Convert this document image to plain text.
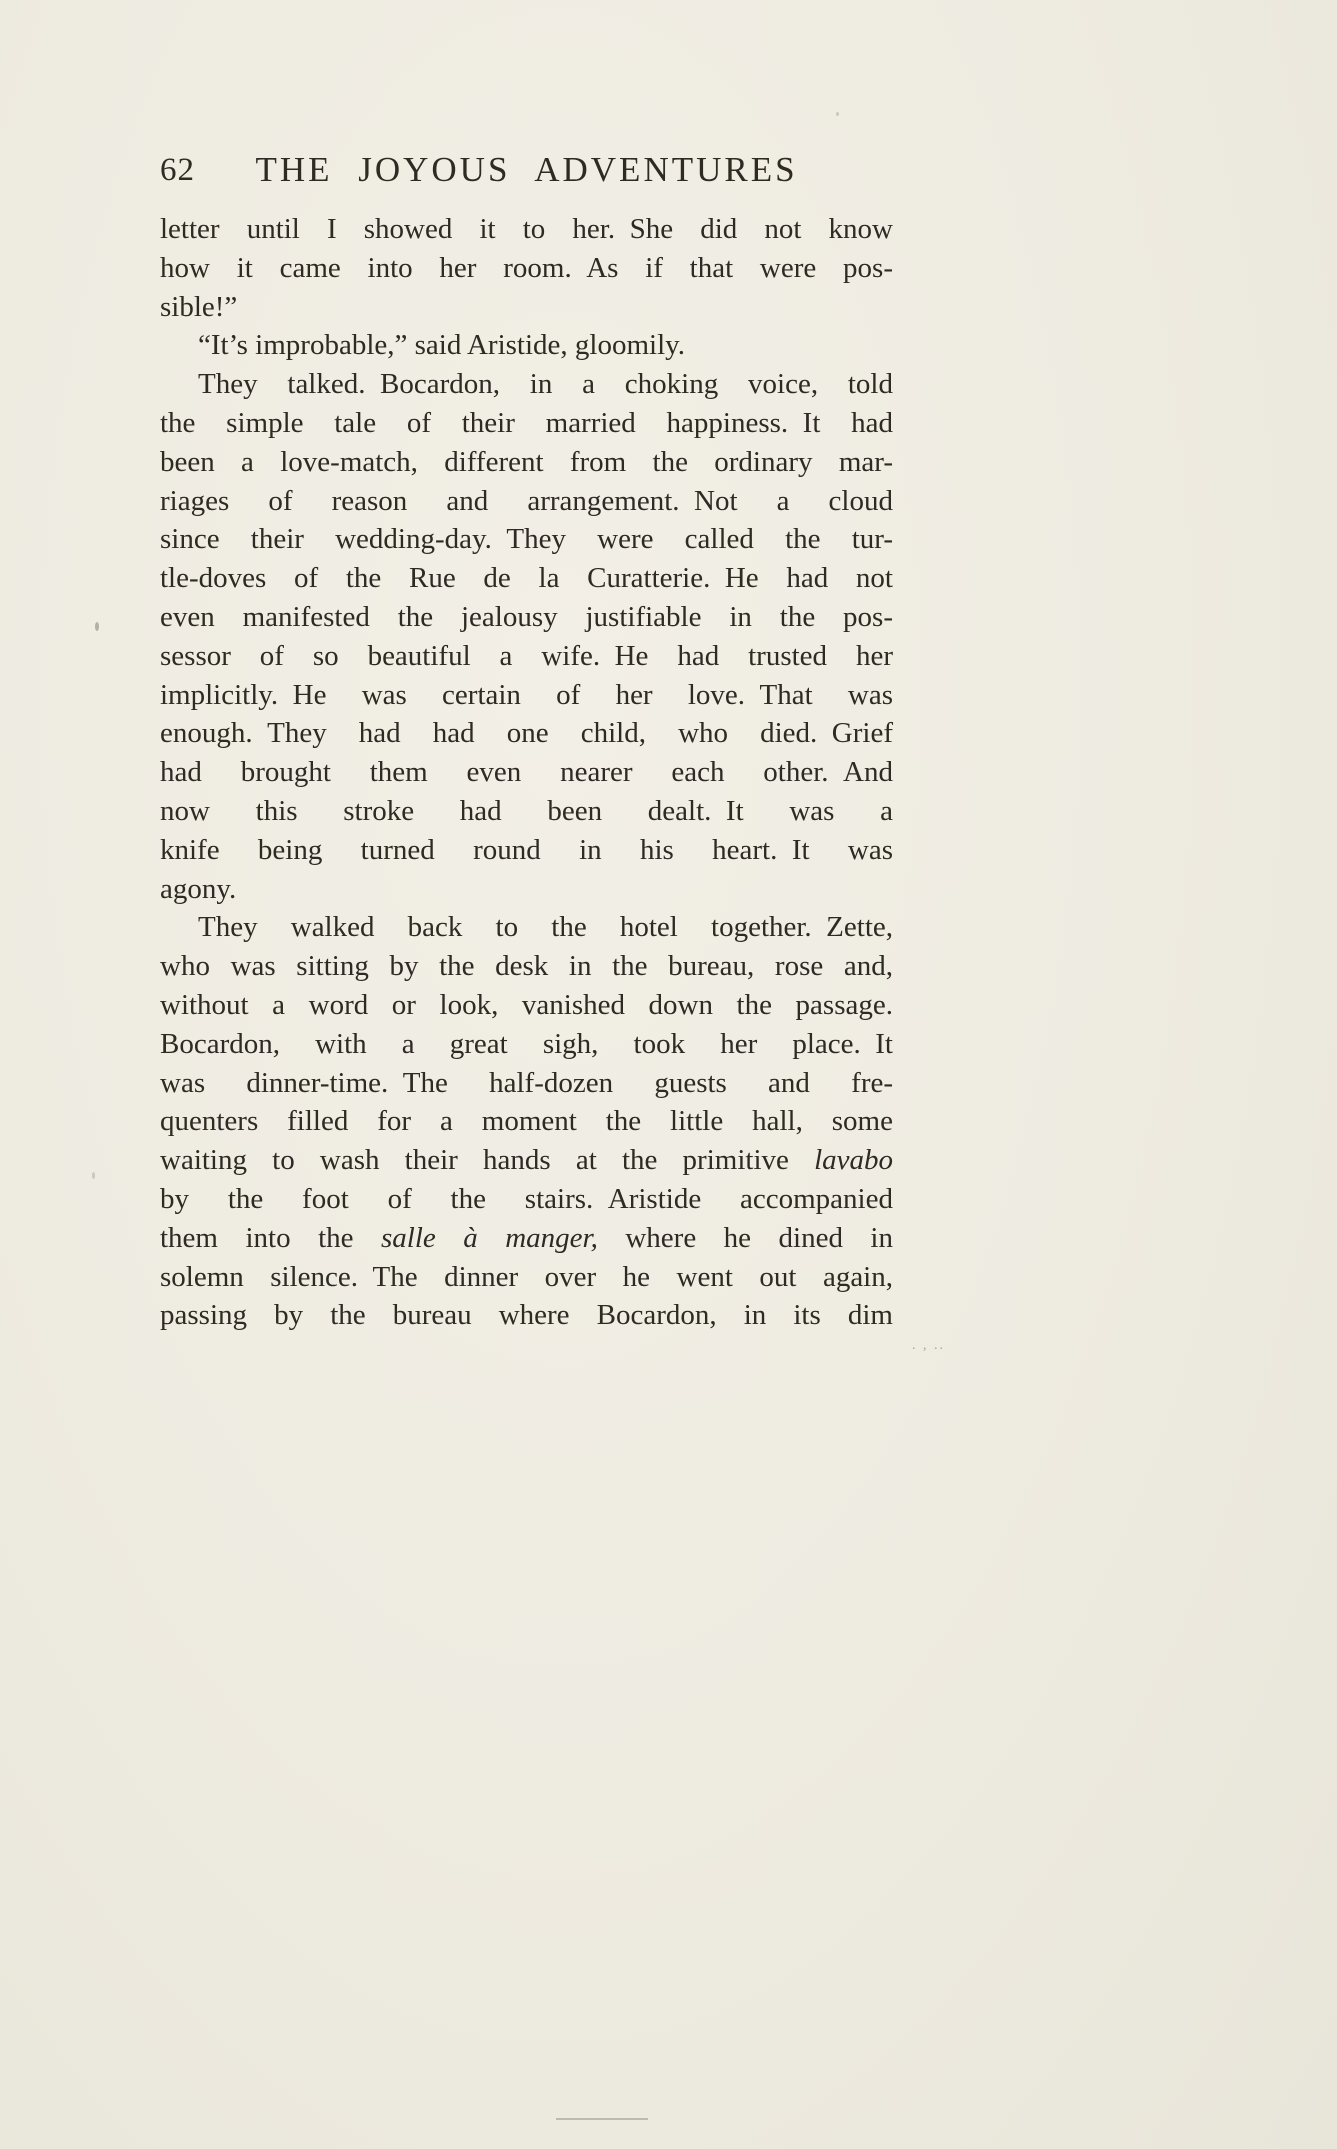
62	THE JOYOUS ADVENTURES
letter until I showed it to her. She did not know
how it came into her room. As if that were pos-
sible!”
“It’s improbable,” said Aristide, gloomily.
They talked. Bocardon, in a choking voice, told
the simple tale of their married happiness. It had
been a love-match, different from the ordinary mar-
riages of reason and arrangement. Not a cloud
since their wedding-day. They were called the tur-
tle-doves of the Rue de la Curatterie. He had not
even manifested the jealousy justifiable in the pos-
sessor of so beautiful a wife. He had trusted her
implicitly. He was certain of her love. That was
enough. They had had one child, who died. Grief
had brought them even nearer each other. And
now this stroke had been dealt. It was a
knife being turned round in his heart. It was
agony.
They walked back to the hotel together. Zette,
who was sitting by the desk in the bureau, rose and,
without a word or look, vanished down the passage.
Bocardon, with a great sigh, took her place. It
was dinner-time. The half-dozen guests and fre-
quenters filled for a moment the little hall, some
waiting to wash their hands at the primitive lavabo
by the foot of the stairs. Aristide accompanied
them into the salle à manger, where he dined in
solemn silence. The dinner over he went out again,
passing by the bureau where Bocardon, in its dim
. , ..
